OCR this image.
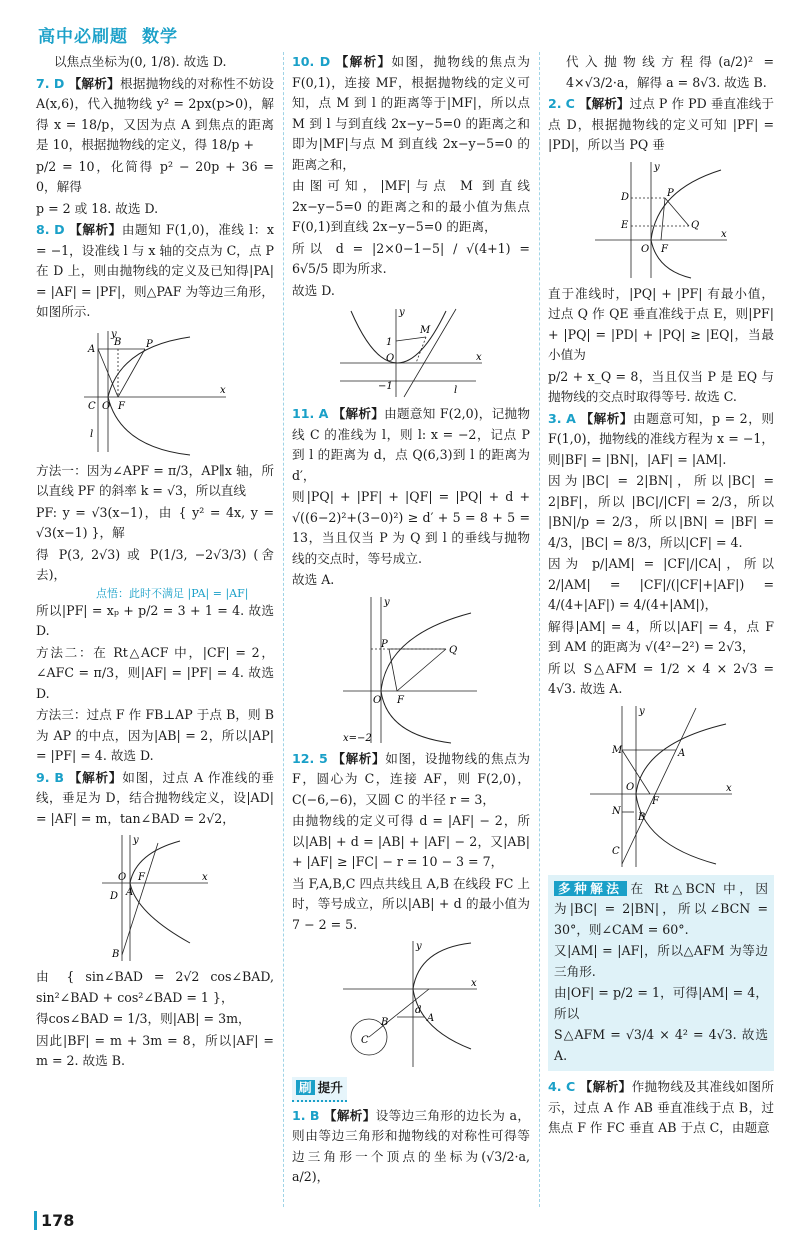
高中必刷题 数学

以焦点坐标为(0, 1/8). 故选 D.

7. D 【解析】根据抛物线的对称性不妨设A(x,6)，代入抛物线 y² = 2px(p>0)，解得 x = 18/p，又因为点 A 到焦点的距离是 10，根据抛物线的定义，得 18/p +

p/2 = 10，化简得 p² − 20p + 36 = 0，解得

p = 2 或 18. 故选 D.

8. D 【解析】由题知 F(1,0)，准线 l：x = −1，设准线 l 与 x 轴的交点为 C，点 P 在 D 上，则由抛物线的定义及已知得|PA| = |AF| = |PF|，则△PAF 为等边三角形，如图所示.

A
B P
C O F
l
x
y

方法一：因为∠APF = π/3，AP∥x 轴，所以直线 PF 的斜率 k = √3，所以直线

PF: y = √3(x−1)，由 { y² = 4x, y = √3(x−1) }，解

得 P(3, 2√3) 或 P(1/3, −2√3/3) (舍去)，

点悟：此时不满足 |PA| = |AF|

所以|PF| = xₚ + p/2 = 3 + 1 = 4. 故选 D.

方法二：在 Rt△ACF 中，|CF| = 2，∠AFC = π/3，则|AF| = |PF| = 4. 故选 D.

方法三：过点 F 作 FB⊥AP 于点 B，则 B 为 AP 的中点，因为|AB| = 2，所以|AP| = |PF| = 4. 故选 D.

9. B 【解析】如图，过点 A 作准线的垂线，垂足为 D，结合抛物线定义，设|AD| = |AF| = m，tan∠BAD = 2√2，

D A
O F
B
x
y

由 { sin∠BAD = 2√2 cos∠BAD, sin²∠BAD + cos²∠BAD = 1 }，

得cos∠BAD = 1/3，则|AB| = 3m，

因此|BF| = m + 3m = 8，所以|AF| = m = 2. 故选 B.

10. D 【解析】如图，抛物线的焦点为 F(0,1)，连接 MF，根据抛物线的定义可知，点 M 到 l 的距离等于|MF|，所以点 M 到 l 与到直线 2x−y−5=0 的距离之和即为|MF|与点 M 到直线 2x−y−5=0 的距离之和，

由图可知，|MF|与点 M 到直线 2x−y−5=0 的距离之和的最小值为焦点 F(0,1)到直线 2x−y−5=0 的距离，

所以 d = |2×0−1−5| / √(4+1) = 6√5/5 即为所求.

故选 D.

M
1
O
−1	l
x
y

11. A 【解析】由题意知 F(2,0)，记抛物线 C 的准线为 l，则 l: x = −2，记点 P 到 l 的距离为 d，点 Q(6,3)到 l 的距离为 d′，

则|PQ| + |PF| + |QF| = |PQ| + d + √((6−2)²+(3−0)²) ≥ d′ + 5 = 8 + 5 = 13，当且仅当 P 为 Q 到 l 的垂线与抛物线的交点时，等号成立.

故选 A.

P
Q
O F
x=−2
y

12. 5 【解析】如图，设抛物线的焦点为 F，圆心为 C，连接 AF，则 F(2,0)，C(−6,−6)，又圆 C 的半径 r = 3，

由抛物线的定义可得 d = |AF| − 2，所以|AB| + d = |AB| + |AF| − 2，又|AB| + |AF| ≥ |FC| − r = 10 − 3 = 7，

当 F,A,B,C 四点共线且 A,B 在线段 FC 上时，等号成立，所以|AB| + d 的最小值为 7 − 2 = 5.

A
B
C
d
x
y
刷 提升

1. B 【解析】设等边三角形的边长为 a，则由等边三角形和抛物线的对称性可得等边三角形一个顶点的坐标为(√3/2·a, a/2)，

代入抛物线方程得(a/2)² = 4×√3/2·a，解得 a = 8√3. 故选 B.

2. C 【解析】过点 P 作 PD 垂直准线于点 D，根据抛物线的定义可知 |PF| = |PD|，所以当 PQ 垂

D	P
E	Q
O F
x
y

直于准线时，|PQ| + |PF| 有最小值，过点 Q 作 QE 垂直准线于点 E，则|PF| + |PQ| = |PD| + |PQ| ≥ |EQ|，当最小值为

p/2 + x_Q = 8，当且仅当 P 是 EQ 与抛物线的交点时取得等号. 故选 C.

3. A 【解析】由题意可知，p = 2，则 F(1,0)，抛物线的准线方程为 x = −1，则|BF| = |BN|，|AF| = |AM|.

因为|BC| = 2|BN|，所以|BC| = 2|BF|，所以 |BC|/|CF| = 2/3，所以 |BN|/p = 2/3，所以|BN| = |BF| = 4/3，|BC| = 8/3，所以|CF| = 4.

因为 p/|AM| = |CF|/|CA|，所以 2/|AM| = |CF|/(|CF|+|AF|) = 4/(4+|AF|) = 4/(4+|AM|)，

解得|AM| = 4，所以|AF| = 4，点 F 到 AM 的距离为 √(4²−2²) = 2√3，

所以 S△AFM = 1/2 × 4 × 2√3 = 4√3. 故选 A.

M	A
O
N
B
C
F
x
y

多种解法 在 Rt△BCN 中，因为|BC| = 2|BN|，所以∠BCN = 30°，则∠CAM = 60°.

又|AM| = |AF|，所以△AFM 为等边三角形.

由|OF| = p/2 = 1，可得|AM| = 4，所以

S△AFM = √3/4 × 4² = 4√3. 故选 A.

4. C 【解析】作抛物线及其准线如图所示，过点 A 作 AB 垂直准线于点 B，过焦点 F 作 FC 垂直 AB 于点 C，由题意

178
